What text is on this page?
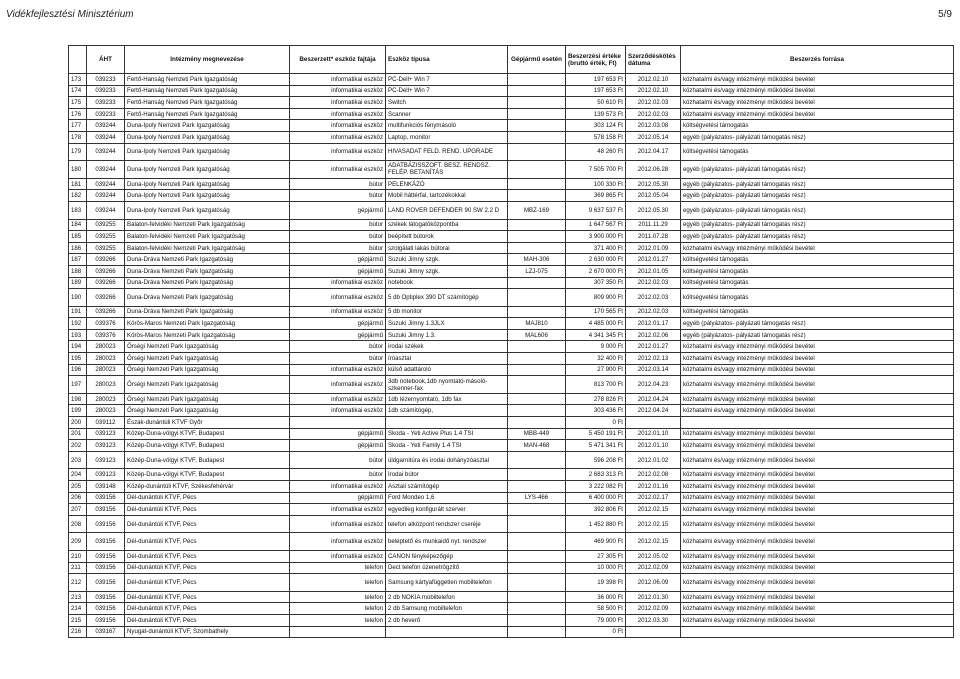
Vidékfejlesztési Minisztérium	5/9
	ÁHT	Intézmény megnevezése	Beszerzett* eszköz fajtája	Eszköz típusa	Gépjármű esetén	Beszerzési értéke (bruttó érték, Ft)	Szerződéskötés dátuma	Beszerzés forrása
173	039233	Fertő-Hanság Nemzeti Park Igazgatóság	informatikai eszköz	PC-Dell+ Win 7		197 653 Ft	2012.02.10	közhatalmi és/vagy intézményi működési bevétel
174	039233	Fertő-Hanság Nemzeti Park Igazgatóság	informatikai eszköz	PC-Dell+ Win 7		197 653 Ft	2012.02.10	közhatalmi és/vagy intézményi működési bevétel
175	039233	Fertő-Hanság Nemzeti Park Igazgatóság	informatikai eszköz	Switch		50 610 Ft	2012.02.03	közhatalmi és/vagy intézményi működési bevétel
176	039233	Fertő-Hanság Nemzeti Park Igazgatóság	informatikai eszköz	Scanner		139 573 Ft	2012.02.03	közhatalmi és/vagy intézményi működési bevétel
177	039244	Duna-Ipoly Nemzeti Park Igazgatóság	informatikai eszköz	multifunkciós fénymásoló		303 124 Ft	2012.03.08	költségvetési támogatás
178	039244	Duna-Ipoly Nemzeti Park Igazgatóság	informatikai eszköz	Laptop, monitor		578 158 Ft	2012.05.14	egyéb (pályázatos- pályázati támogatás rész)
179	039244	Duna-Ipoly Nemzeti Park Igazgatóság	informatikai eszköz	HIVASADAT FELD. REND. UPGRADE		48 260 Ft	2012.04.17	költségvetési támogatás
180	039244	Duna-Ipoly Nemzeti Park Igazgatóság	informatikai eszköz	ADATBÁZISSZOFT. BESZ. RENDSZ. FELÉP. BETANÍTÁS		7 505 700 Ft	2012.06.28	egyéb (pályázatos- pályázati támogatás rész)
181	039244	Duna-Ipoly Nemzeti Park Igazgatóság	bútor	PELENKÁZÓ		100 330 Ft	2012.05.30	egyéb (pályázatos- pályázati támogatás rész)
182	039244	Duna-Ipoly Nemzeti Park Igazgatóság	bútor	Mobil háttérfal, tartozékokkal		369 865 Ft	2012.05.04	egyéb (pályázatos- pályázati támogatás rész)
183	039244	Duna-Ipoly Nemzeti Park Igazgatóság	gépjármű	LAND ROVER DEFENDER 90 SW 2.2 D	MBZ-169	9 637 537 Ft	2012.05.30	egyéb (pályázatos- pályázati támogatás rész)
184	039255	Balaton-felvidéki Nemzeti Park Igazgatóság	bútor	székek látogatóközpontba		1 647 567 Ft	2011.11.29	egyéb (pályázatos- pályázati támogatás rész)
185	039255	Balaton-felvidéki Nemzeti Park Igazgatóság	bútor	beépített bútorok		3 900 000 Ft	2011.07.28	egyéb (pályázatos- pályázati támogatás rész)
186	039255	Balaton-felvidéki Nemzeti Park Igazgatóság	bútor	szolgálati lakás bútorai		371 400 Ft	2012.01.09	közhatalmi és/vagy intézményi működési bevétel
187	039266	Duna-Dráva Nemzeti Park Igazgatóság	gépjármű	Suzuki Jimny szgk.	MAH-306	2 630 000 Ft	2012.01.27	költségvetési támogatás
188	039266	Duna-Dráva Nemzeti Park Igazgatóság	gépjármű	Suzuki Jimny szgk.	LZJ-075	2 670 000 Ft	2012.01.05	költségvetési támogatás
189	039266	Duna-Dráva Nemzeti Park Igazgatóság	informatikai eszköz	notebook		307 350 Ft	2012.02.03	költségvetési támogatás
190	039266	Duna-Dráva Nemzeti Park Igazgatóság	informatikai eszköz	5 db Optiplex 390 DT számítógép		809 900 Ft	2012.02.03	költségvetési támogatás
191	039266	Duna-Dráva Nemzeti Park Igazgatóság	informatikai eszköz	5 db monitor		170 565 Ft	2012.02.03	költségvetési támogatás
192	039376	Körös-Maros Nemzeti Park Igazgatóság	gépjármű	Suzuki Jimny 1.3JLX	MAJ810	4 485 000 Ft	2012.01.17	egyéb (pályázatos- pályázati támogatás rész)
193	039376	Körös-Maros Nemzeti Park Igazgatóság	gépjármű	Suzuki Jimny 1.3.	MAL606	4 341 345 Ft	2012.02.06	egyéb (pályázatos- pályázati támogatás rész)
194	280023	Őrségi Nemzeti Park Igazgatóság	bútor	irodai székek		9 000 Ft	2012.01.27	közhatalmi és/vagy intézményi működési bevétel
195	280023	Őrségi Nemzeti Park Igazgatóság	bútor	íróasztal		32 400 Ft	2012.02.13	közhatalmi és/vagy intézményi működési bevétel
196	280023	Őrségi Nemzeti Park Igazgatóság	informatikai eszköz	külső adattároló		27 900 Ft	2012.03.14	közhatalmi és/vagy intézményi működési bevétel
197	280023	Őrségi Nemzeti Park Igazgatóság	informatikai eszköz	3db notebook,1db nyomtató-másoló-szkenner-fax		813 700 Ft	2012.04.23	közhatalmi és/vagy intézményi működési bevétel
198	280023	Őrségi Nemzeti Park Igazgatóság	informatikai eszköz	1db lézernyomtató, 1db fax		278 826 Ft	2012.04.24	közhatalmi és/vagy intézményi működési bevétel
199	280023	Őrségi Nemzeti Park Igazgatóság	informatikai eszköz	1db számítógép,		303 436 Ft	2012.04.24	közhatalmi és/vagy intézményi működési bevétel
200	039112	Észak-dunántúli KTVF Győr				0 Ft		
201	039123	Közép-Duna-völgyi KTVF, Budapest	gépjármű	Skoda - Yeti Active Plus 1.4 TSI	MBB-449	5 450 191 Ft	2012.01.10	közhatalmi és/vagy intézményi működési bevétel
202	039123	Közép-Duna-völgyi KTVF, Budapest	gépjármű	Skoda - Yeti Family 1.4 TSI	MAN-468	5 471 341 Ft	2012.01.10	közhatalmi és/vagy intézményi működési bevétel
203	039123	Közép-Duna-völgyi KTVF, Budapest	bútor	üldgarnitúra és irodai dohányzóasztal		596 208 Ft	2012.01.02	közhatalmi és/vagy intézményi működési bevétel
204	039123	Közép-Duna-völgyi KTVF, Budapest	bútor	Irodai bútor		2 683 313 Ft	2012.02.08	közhatalmi és/vagy intézményi működési bevétel
205	039148	Közép-dunántúli KTVF, Székesfehérvár	informatikai eszköz	Asztali számítógép		3 222 082 Ft	2012.01.16	közhatalmi és/vagy intézményi működési bevétel
206	039156	Dél-dunántúli KTVF, Pécs	gépjármű	Ford Mondeo 1,6	LYS-466	6 400 000 Ft	2012.02.17	közhatalmi és/vagy intézményi működési bevétel
207	039156	Dél-dunántúli KTVF, Pécs	informatikai eszköz	egyedileg konfigurált szerver		392 806 Ft	2012.02.15	közhatalmi és/vagy intézményi működési bevétel
208	039156	Dél-dunántúli KTVF, Pécs	informatikai eszköz	telefon alközpont rendszer cseréje		1 452 880 Ft	2012.02.15	közhatalmi és/vagy intézményi működési bevétel
209	039156	Dél-dunántúli KTVF, Pécs	informatikai eszköz	beléptető és munkaidő nyt. rendszer		469 900 Ft	2012.02.15	közhatalmi és/vagy intézményi működési bevétel
210	039156	Dél-dunántúli KTVF, Pécs	informatikai eszköz	CANON fényképezőgép		27 305 Ft	2012.05.02	közhatalmi és/vagy intézményi működési bevétel
211	039156	Dél-dunántúli KTVF, Pécs	telefon	Dect telefon üzenetrögzítő		10 000 Ft	2012.02.09	közhatalmi és/vagy intézményi működési bevétel
212	039156	Dél-dunántúli KTVF, Pécs	telefon	Samsung kártyafüggetlen mobiltelefon		19 398 Ft	2012.06.09	közhatalmi és/vagy intézményi működési bevétel
213	039156	Dél-dunántúli KTVF, Pécs	telefon	2 db NOKIA mobiltelefon		36 000 Ft	2012.01.30	közhatalmi és/vagy intézményi működési bevétel
214	039156	Dél-dunántúli KTVF, Pécs	telefon	2 db Samsung mobiltelefon		58 500 Ft	2012.02.09	közhatalmi és/vagy intézményi működési bevétel
215	039156	Dél-dunántúli KTVF, Pécs	telefon	2 db heverő		79 000 Ft	2012.03.30	közhatalmi és/vagy intézményi működési bevétel
216	039167	Nyugat-dunántúli KTVF, Szombathely				0 Ft		
